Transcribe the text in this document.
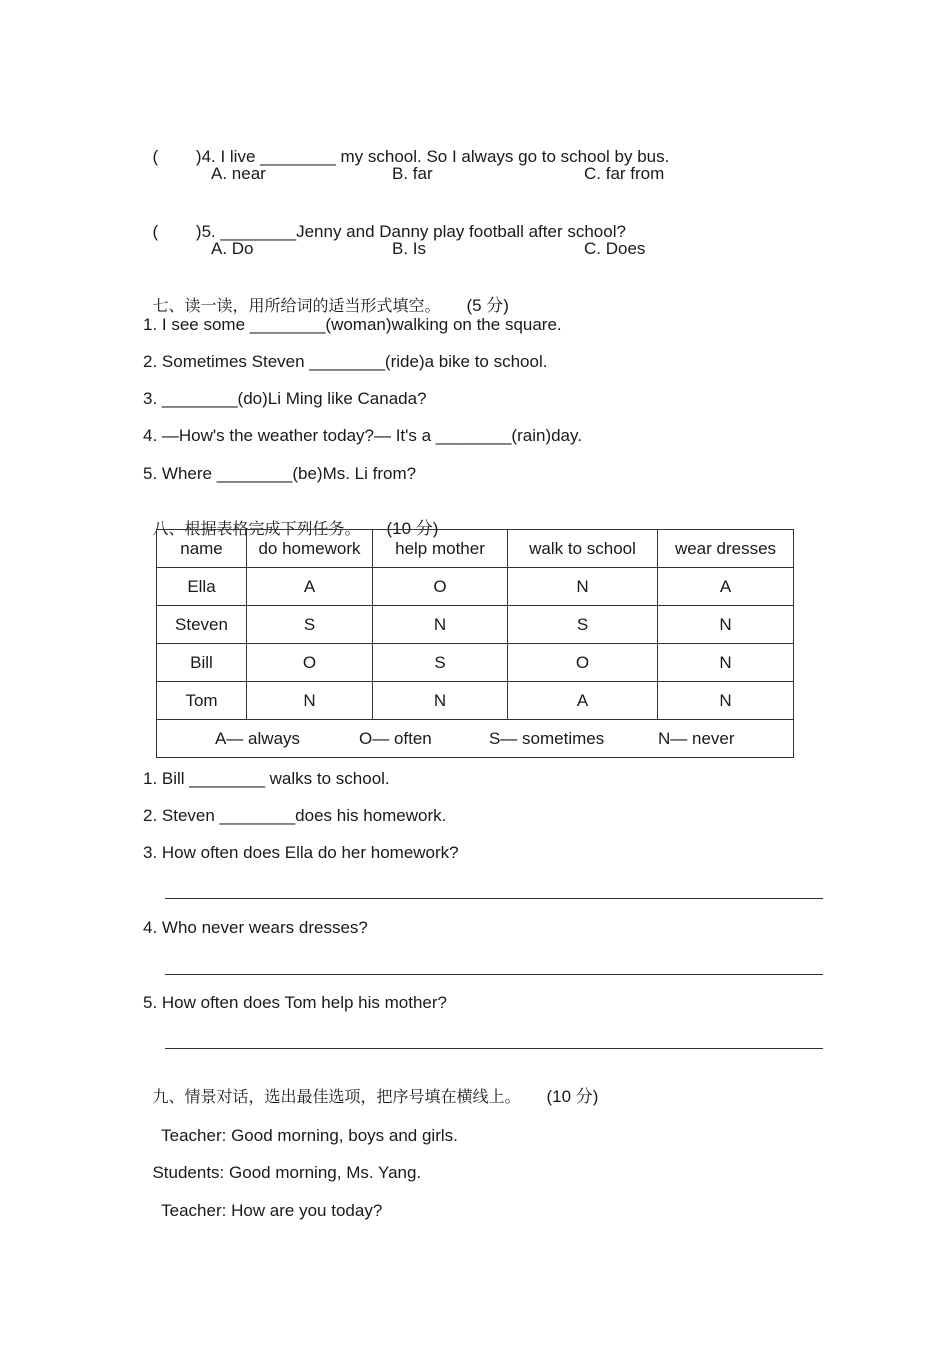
(        )4. I live ________ my school. So I always go to school by bus.

A. near	B. far	C. far from

(        )5. ________Jenny and Danny play football after school?

A. Do	B. Is	C. Does

七、读一读，用所给词的适当形式填空。 (5 分)

1. I see some ________(woman)walking on the square.
2. Sometimes Steven ________(ride)a bike to school.
3. ________(do)Li Ming like Canada?
4. —How's the weather today?— It's a ________(rain)day.
5. Where ________(be)Ms. Li from?

八、根据表格完成下列任务。 (10 分)

name	do homework	help mother	walk to school	wear dresses
Ella	A	O	N	A
Steven	S	N	S	N
Bill	O	S	O	N
Tom	N	N	A	N
A— always O— often S— sometimes N— never				
1. Bill ________ walks to school.
2. Steven ________does his homework.
3. How often does Ella do her homework?
4. Who never wears dresses?
5. How often does Tom help his mother?

九、情景对话，选出最佳选项，把序号填在横线上。 (10 分)

Teacher: Good morning, boys and girls.

Students: Good morning, Ms. Yang.

Teacher: How are you today?
